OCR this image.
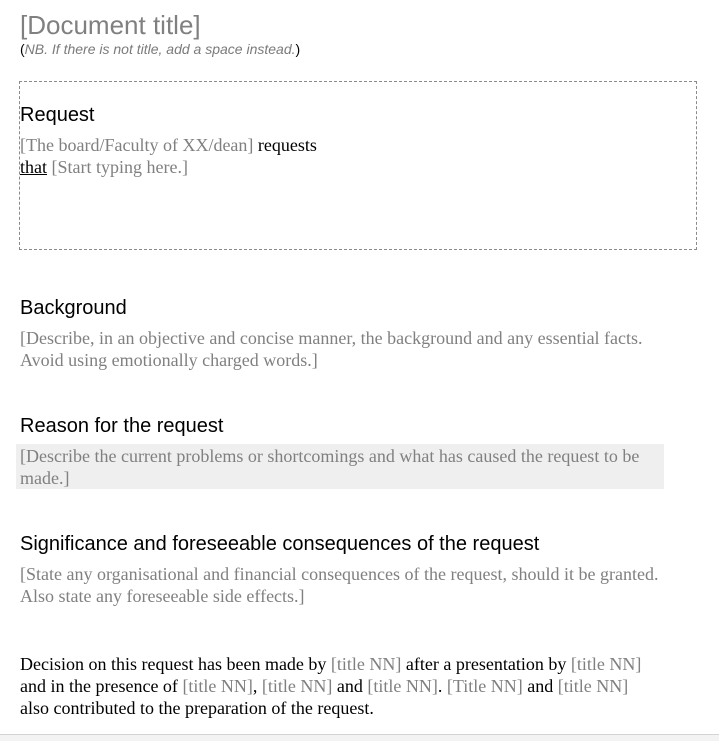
[Document title]
(NB. If there is not title, add a space instead.)
Request
[The board/Faculty of XX/dean] requests
that [Start typing here.]
Background
[Describe, in an objective and concise manner, the background and any essential facts. Avoid using emotionally charged words.]
Reason for the request
[Describe the current problems or shortcomings and what has caused the request to be made.]
Significance and foreseeable consequences of the request
[State any organisational and financial consequences of the request, should it be granted. Also state any foreseeable side effects.]
Decision on this request has been made by [title NN] after a presentation by [title NN] and in the presence of [title NN], [title NN] and [title NN]. [Title NN] and [title NN] also contributed to the preparation of the request.
